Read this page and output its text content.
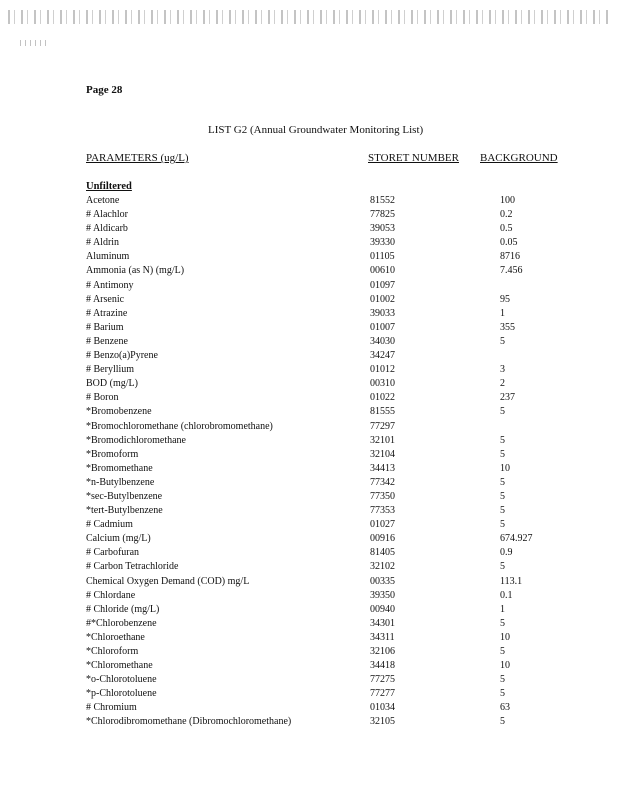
Page 28
LIST G2 (Annual Groundwater Monitoring List)
PARAMETERS (ug/L)	STORET NUMBER BACKGROUND
Unfiltered
Acetone	81552	100
# Alachlor	77825	0.2
# Aldicarb	39053	0.5
# Aldrin	39330	0.05
Aluminum	01105	8716
Ammonia (as N) (mg/L)	00610	7.456
# Antimony	01097
# Arsenic	01002	95
# Atrazine	39033	1
# Barium	01007	355
# Benzene	34030	5
# Benzo(a)Pyrene	34247
# Beryllium	01012	3
BOD (mg/L)	00310	2
# Boron	01022	237
*Bromobenzene	81555	5
*Bromochloromethane (chlorobromomethane)	77297
*Bromodichloromethane	32101	5
*Bromoform	32104	5
*Bromomethane	34413	10
*n-Butylbenzene	77342	5
*sec-Butylbenzene	77350	5
*tert-Butylbenzene	77353	5
# Cadmium	01027	5
Calcium (mg/L)	00916	674.927
# Carbofuran	81405	0.9
# Carbon Tetrachloride	32102	5
Chemical Oxygen Demand (COD) mg/L	00335	113.1
# Chlordane	39350	0.1
# Chloride (mg/L)	00940	1
#*Chlorobenzene	34301	5
*Chloroethane	34311	10
*Chloroform	32106	5
*Chloromethane	34418	10
*o-Chlorotoluene	77275	5
*p-Chlorotoluene	77277	5
# Chromium	01034	63
*Chlorodibromomethane (Dibromochloromethane)	32105	5
